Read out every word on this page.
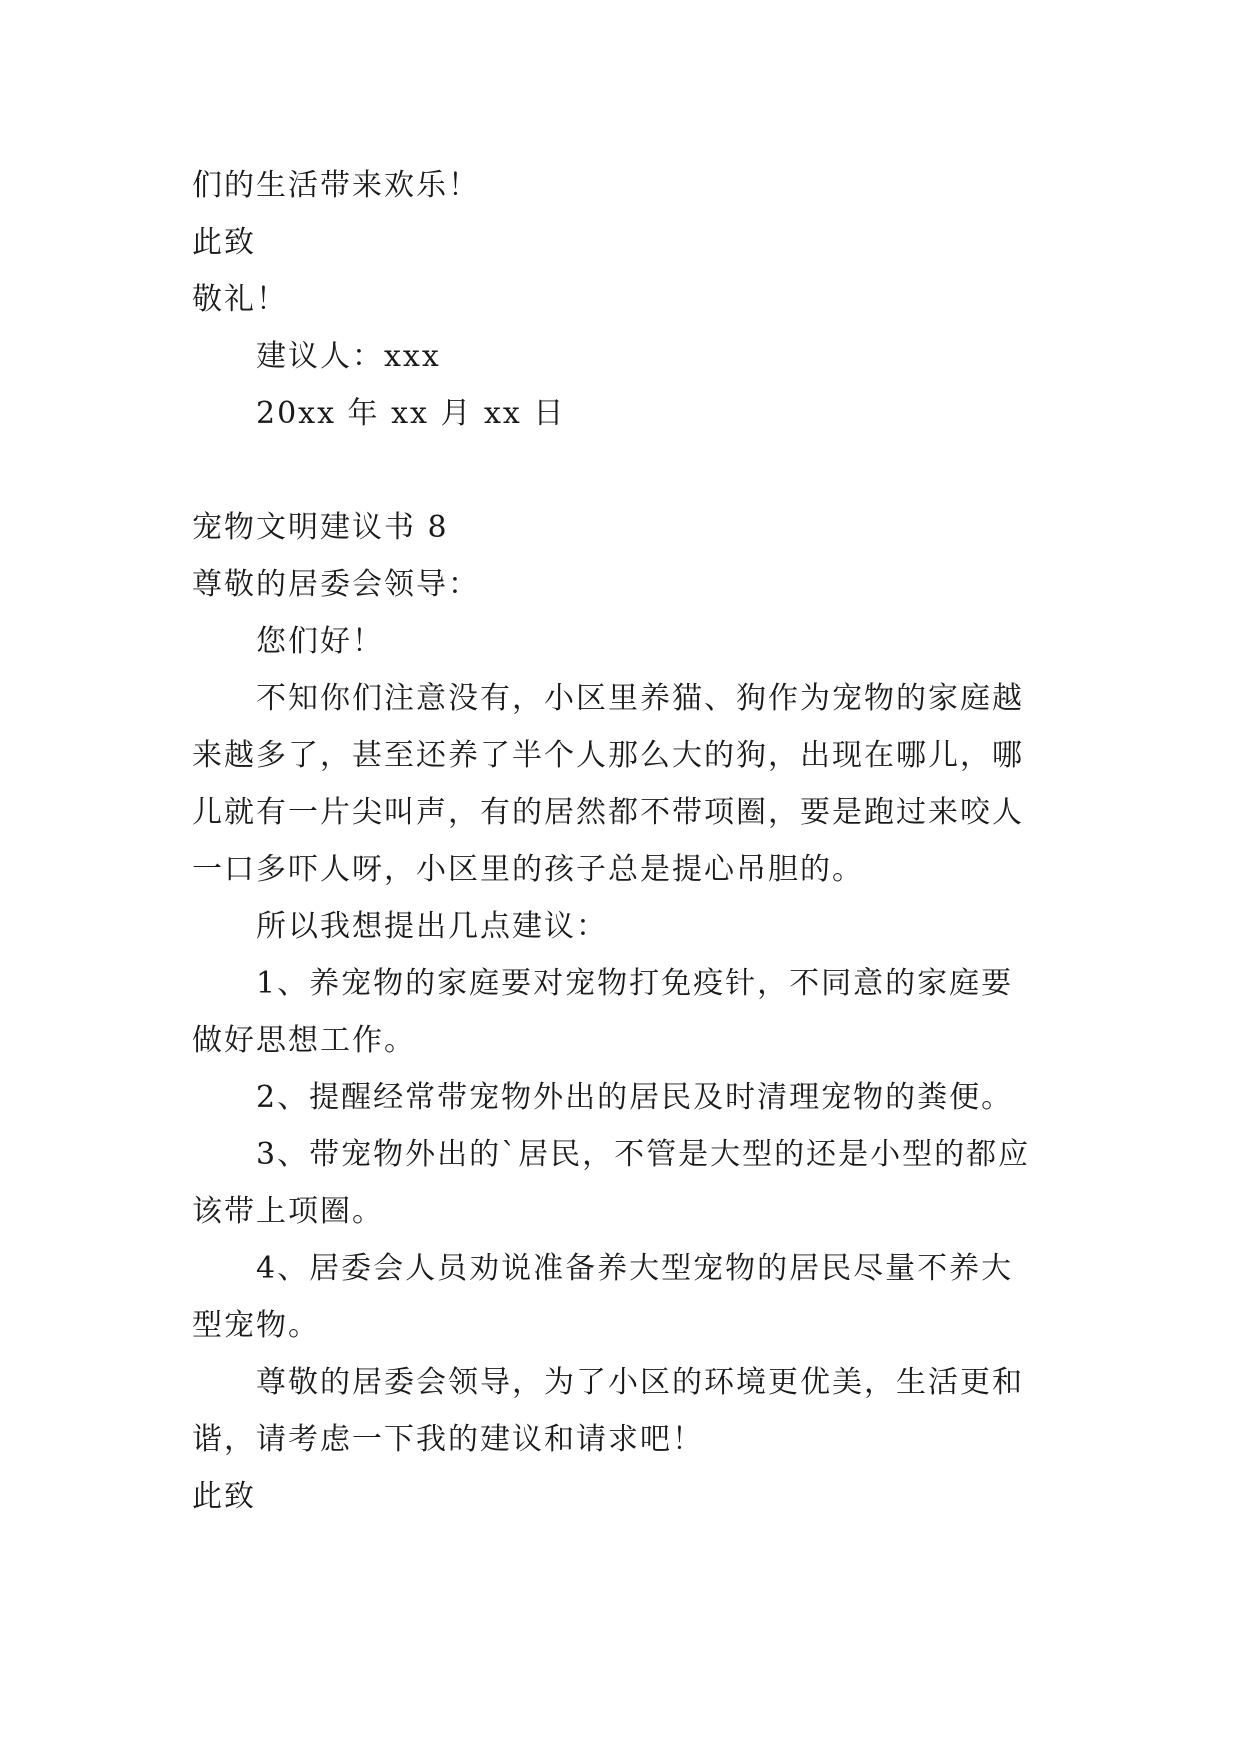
们的生活带来欢乐！
此致
敬礼！
建议人：xxx
20xx 年 xx 月 xx 日
宠物文明建议书 8
尊敬的居委会领导：
您们好！
不知你们注意没有，小区里养猫、狗作为宠物的家庭越
来越多了，甚至还养了半个人那么大的狗，出现在哪儿，哪
儿就有一片尖叫声，有的居然都不带项圈，要是跑过来咬人
一口多吓人呀，小区里的孩子总是提心吊胆的。
所以我想提出几点建议：
1、养宠物的家庭要对宠物打免疫针，不同意的家庭要
做好思想工作。
2、提醒经常带宠物外出的居民及时清理宠物的粪便。
3、带宠物外出的`居民，不管是大型的还是小型的都应
该带上项圈。
4、居委会人员劝说准备养大型宠物的居民尽量不养大
型宠物。
尊敬的居委会领导，为了小区的环境更优美，生活更和
谐，请考虑一下我的建议和请求吧！
此致
